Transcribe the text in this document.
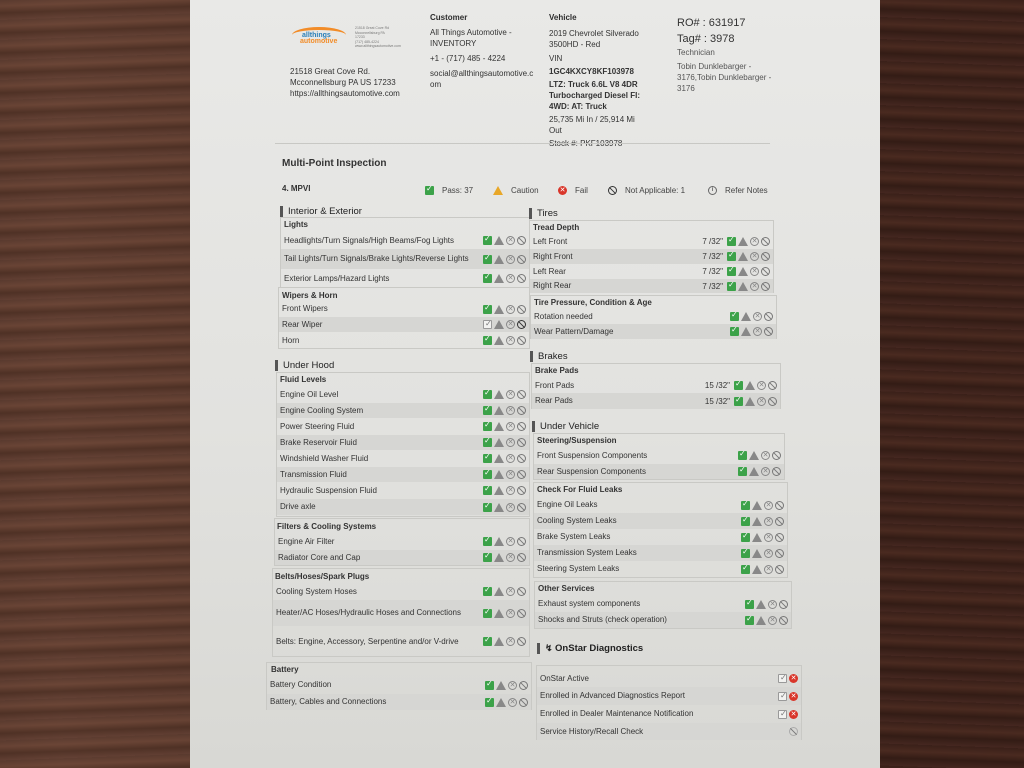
allthings
automotive
21518 Great Cove Rd
Mcconnellsburg PA 17233
(717) 485-4224
www.allthingsautomotive.com
21518 Great Cove Rd.
Mcconnellsburg PA US 17233
https://allthingsautomotive.com
Customer
All Things Automotive -
INVENTORY
+1 - (717) 485 - 4224
social@allthingsautomotive.c
om
Vehicle
2019 Chevrolet Silverado
3500HD - Red
VIN
1GC4KXCY8KF103978
LTZ: Truck 6.6L V8 4DR
Turbocharged Diesel FI:
4WD: AT: Truck
25,735 Mi In / 25,914 Mi
Out
RO# : 631917
Tag# : 3978
Technician
Tobin Dunklebarger -
3176,Tobin Dunklebarger -
3176
Multi-Point Inspection
4. MPVI ✓	Pass: 37	Caution	✕ Fail	Not Applicable: 1	i	Refer Notes
Interior & Exterior
Lights
Headlights/Turn Signals/High Beams/Fog Lights ✓	✕
Tail Lights/Turn Signals/Brake Lights/Reverse Lights ✓	✕
Exterior Lamps/Hazard Lights ✓	✕
Wipers & Horn
Front Wipers ✓	✕
Rear Wiper ✓	✕
Horn ✓	✕
Under Hood
Fluid Levels
Engine Oil Level ✓	✕
Engine Cooling System ✓	✕
Power Steering Fluid ✓	✕
Brake Reservoir Fluid ✓	✕
Windshield Washer Fluid ✓	✕
Transmission Fluid ✓	✕
Hydraulic Suspension Fluid ✓	✕
Drive axle ✓	✕
Filters & Cooling Systems
Engine Air Filter ✓	✕
Radiator Core and Cap ✓	✕
Belts/Hoses/Spark Plugs
Cooling System Hoses ✓	✕
Heater/AC Hoses/Hydraulic Hoses and Connections ✓	✕
Belts: Engine, Accessory, Serpentine and/or V-drive ✓	✕
Battery
Battery Condition ✓	✕
Battery, Cables and Connections ✓	✕
Tires
Tread Depth
Left Front	7 /32" ✓	✕
Right Front	7 /32" ✓	✕
Left Rear	7 /32" ✓	✕
Right Rear	7 /32" ✓	✕
Tire Pressure, Condition & Age
Rotation needed ✓	✕
Wear Pattern/Damage ✓	✕
Brakes
Brake Pads
Front Pads	15 /32" ✓	✕
Rear Pads	15 /32" ✓	✕
Under Vehicle
Steering/Suspension
Front Suspension Components ✓	✕
Rear Suspension Components ✓	✕
Check For Fluid Leaks
Engine Oil Leaks ✓	✕
Cooling System Leaks ✓	✕
Brake System Leaks ✓	✕
Transmission System Leaks ✓	✕
Steering System Leaks ✓	✕
Other Services
Exhaust system components ✓	✕
Shocks and Struts (check operation) ✓	✕
↯ OnStar Diagnostics
OnStar Active ✓	✕
Enrolled in Advanced Diagnostics Report ✓	✕
Enrolled in Dealer Maintenance Notification ✓	✕
Service History/Recall Check
